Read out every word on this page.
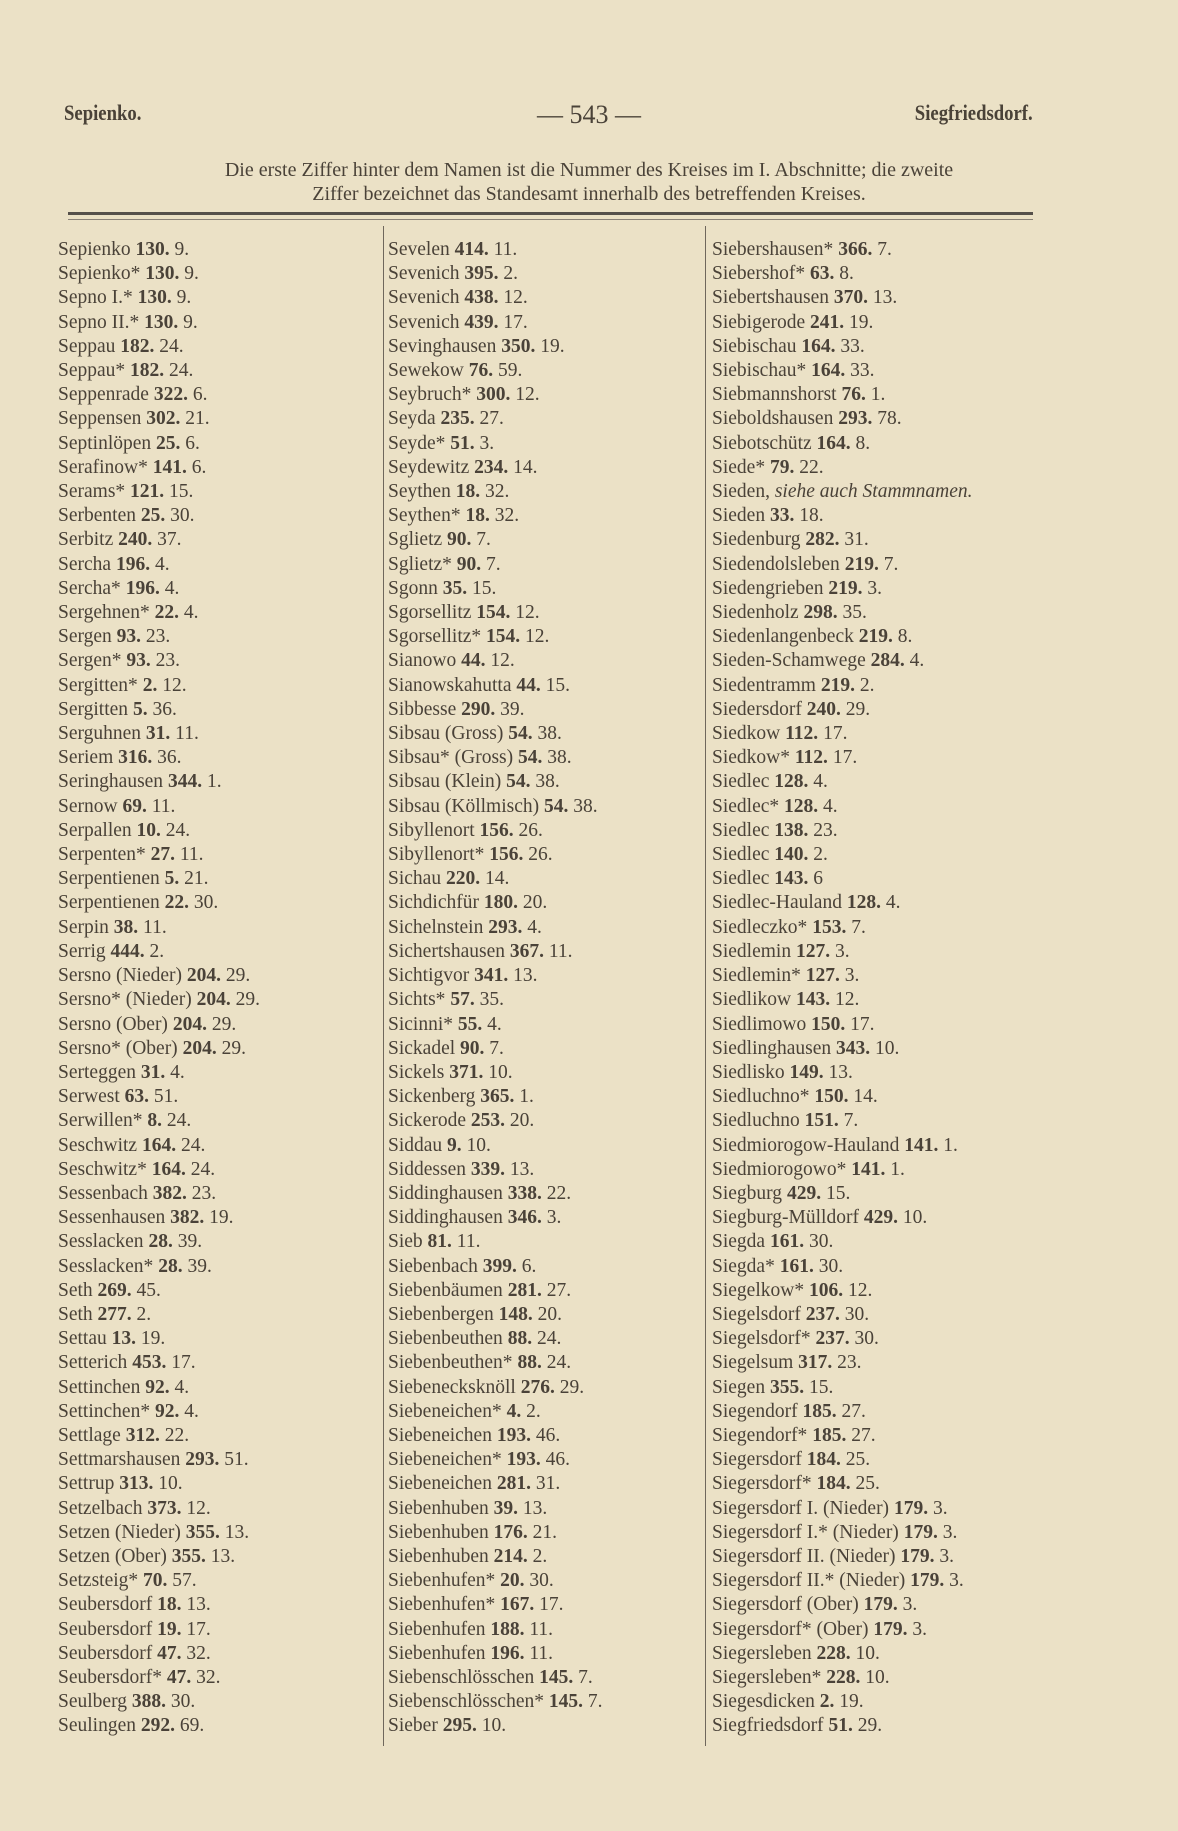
Sepienko.	— 543 —	Siegfriedsdorf.
Die erste Ziffer hinter dem Namen ist die Nummer des Kreises im I. Abschnitte; die zweite
Ziffer bezeichnet das Standesamt innerhalb des betreffenden Kreises.
Sepienko 130. 9.
Sepienko* 130. 9.
Sepno I.* 130. 9.
Sepno II.* 130. 9.
Seppau 182. 24.
Seppau* 182. 24.
Seppenrade 322. 6.
Seppensen 302. 21.
Septinlöpen 25. 6.
Serafinow* 141. 6.
Serams* 121. 15.
Serbenten 25. 30.
Serbitz 240. 37.
Sercha 196. 4.
Sercha* 196. 4.
Sergehnen* 22. 4.
Sergen 93. 23.
Sergen* 93. 23.
Sergitten* 2. 12.
Sergitten 5. 36.
Serguhnen 31. 11.
Seriem 316. 36.
Seringhausen 344. 1.
Sernow 69. 11.
Serpallen 10. 24.
Serpenten* 27. 11.
Serpentienen 5. 21.
Serpentienen 22. 30.
Serpin 38. 11.
Serrig 444. 2.
Sersno (Nieder) 204. 29.
Sersno* (Nieder) 204. 29.
Sersno (Ober) 204. 29.
Sersno* (Ober) 204. 29.
Serteggen 31. 4.
Serwest 63. 51.
Serwillen* 8. 24.
Seschwitz 164. 24.
Seschwitz* 164. 24.
Sessenbach 382. 23.
Sessenhausen 382. 19.
Sesslacken 28. 39.
Sesslacken* 28. 39.
Seth 269. 45.
Seth 277. 2.
Settau 13. 19.
Setterich 453. 17.
Settinchen 92. 4.
Settinchen* 92. 4.
Settlage 312. 22.
Settmarshausen 293. 51.
Settrup 313. 10.
Setzelbach 373. 12.
Setzen (Nieder) 355. 13.
Setzen (Ober) 355. 13.
Setzsteig* 70. 57.
Seubersdorf 18. 13.
Seubersdorf 19. 17.
Seubersdorf 47. 32.
Seubersdorf* 47. 32.
Seulberg 388. 30.
Seulingen 292. 69.
Sevelen 414. 11.
Sevenich 395. 2.
Sevenich 438. 12.
Sevenich 439. 17.
Sevinghausen 350. 19.
Sewekow 76. 59.
Seybruch* 300. 12.
Seyda 235. 27.
Seyde* 51. 3.
Seydewitz 234. 14.
Seythen 18. 32.
Seythen* 18. 32.
Sglietz 90. 7.
Sglietz* 90. 7.
Sgonn 35. 15.
Sgorsellitz 154. 12.
Sgorsellitz* 154. 12.
Sianowo 44. 12.
Sianowskahutta 44. 15.
Sibbesse 290. 39.
Sibsau (Gross) 54. 38.
Sibsau* (Gross) 54. 38.
Sibsau (Klein) 54. 38.
Sibsau (Köllmisch) 54. 38.
Sibyllenort 156. 26.
Sibyllenort* 156. 26.
Sichau 220. 14.
Sichdichfür 180. 20.
Sichelnstein 293. 4.
Sichertshausen 367. 11.
Sichtigvor 341. 13.
Sichts* 57. 35.
Sicinni* 55. 4.
Sickadel 90. 7.
Sickels 371. 10.
Sickenberg 365. 1.
Sickerode 253. 20.
Siddau 9. 10.
Siddessen 339. 13.
Siddinghausen 338. 22.
Siddinghausen 346. 3.
Sieb 81. 11.
Siebenbach 399. 6.
Siebenbäumen 281. 27.
Siebenbergen 148. 20.
Siebenbeuthen 88. 24.
Siebenbeuthen* 88. 24.
Siebeneckskn​öll 276. 29.
Siebeneichen* 4. 2.
Siebeneichen 193. 46.
Siebeneichen* 193. 46.
Siebeneichen 281. 31.
Siebenhuben 39. 13.
Siebenhuben 176. 21.
Siebenhuben 214. 2.
Siebenhufen* 20. 30.
Siebenhufen* 167. 17.
Siebenhufen 188. 11.
Siebenhufen 196. 11.
Siebenschlösschen 145. 7.
Siebenschlösschen* 145. 7.
Sieber 295. 10.
Siebershausen* 366. 7.
Siebershof* 63. 8.
Siebertshausen 370. 13.
Siebigerode 241. 19.
Siebischau 164. 33.
Siebischau* 164. 33.
Siebmannshorst 76. 1.
Sieboldshausen 293. 78.
Siebotschütz 164. 8.
Siede* 79. 22.
Sieden, siehe auch Stammnamen.
Sieden 33. 18.
Siedenburg 282. 31.
Siedendolsleben 219. 7.
Siedengrieben 219. 3.
Siedenholz 298. 35.
Siedenlangenbeck 219. 8.
Sieden-Schamwege 284. 4.
Siedentramm 219. 2.
Siedersdorf 240. 29.
Siedkow 112. 17.
Siedkow* 112. 17.
Siedlec 128. 4.
Siedlec* 128. 4.
Siedlec 138. 23.
Siedlec 140. 2.
Siedlec 143. 6
Siedlec-Hauland 128. 4.
Siedleczko* 153. 7.
Siedlemin 127. 3.
Siedlemin* 127. 3.
Siedlikow 143. 12.
Siedlimowo 150. 17.
Siedlinghausen 343. 10.
Siedlisko 149. 13.
Siedluchno* 150. 14.
Siedluchno 151. 7.
Siedmiorogow-Hauland 141. 1.
Siedmiorogowo* 141. 1.
Siegburg 429. 15.
Siegburg-Mülldorf 429. 10.
Siegda 161. 30.
Siegda* 161. 30.
Siegelkow* 106. 12.
Siegelsdorf 237. 30.
Siegelsdorf* 237. 30.
Siegelsum 317. 23.
Siegen 355. 15.
Siegendorf 185. 27.
Siegendorf* 185. 27.
Siegersdorf 184. 25.
Siegersdorf* 184. 25.
Siegersdorf I. (Nieder) 179. 3.
Siegersdorf I.* (Nieder) 179. 3.
Siegersdorf II. (Nieder) 179. 3.
Siegersdorf II.* (Nieder) 179. 3.
Siegersdorf (Ober) 179. 3.
Siegersdorf* (Ober) 179. 3.
Siegersleben 228. 10.
Siegersleben* 228. 10.
Siegesdicken 2. 19.
Siegfriedsdorf 51. 29.
